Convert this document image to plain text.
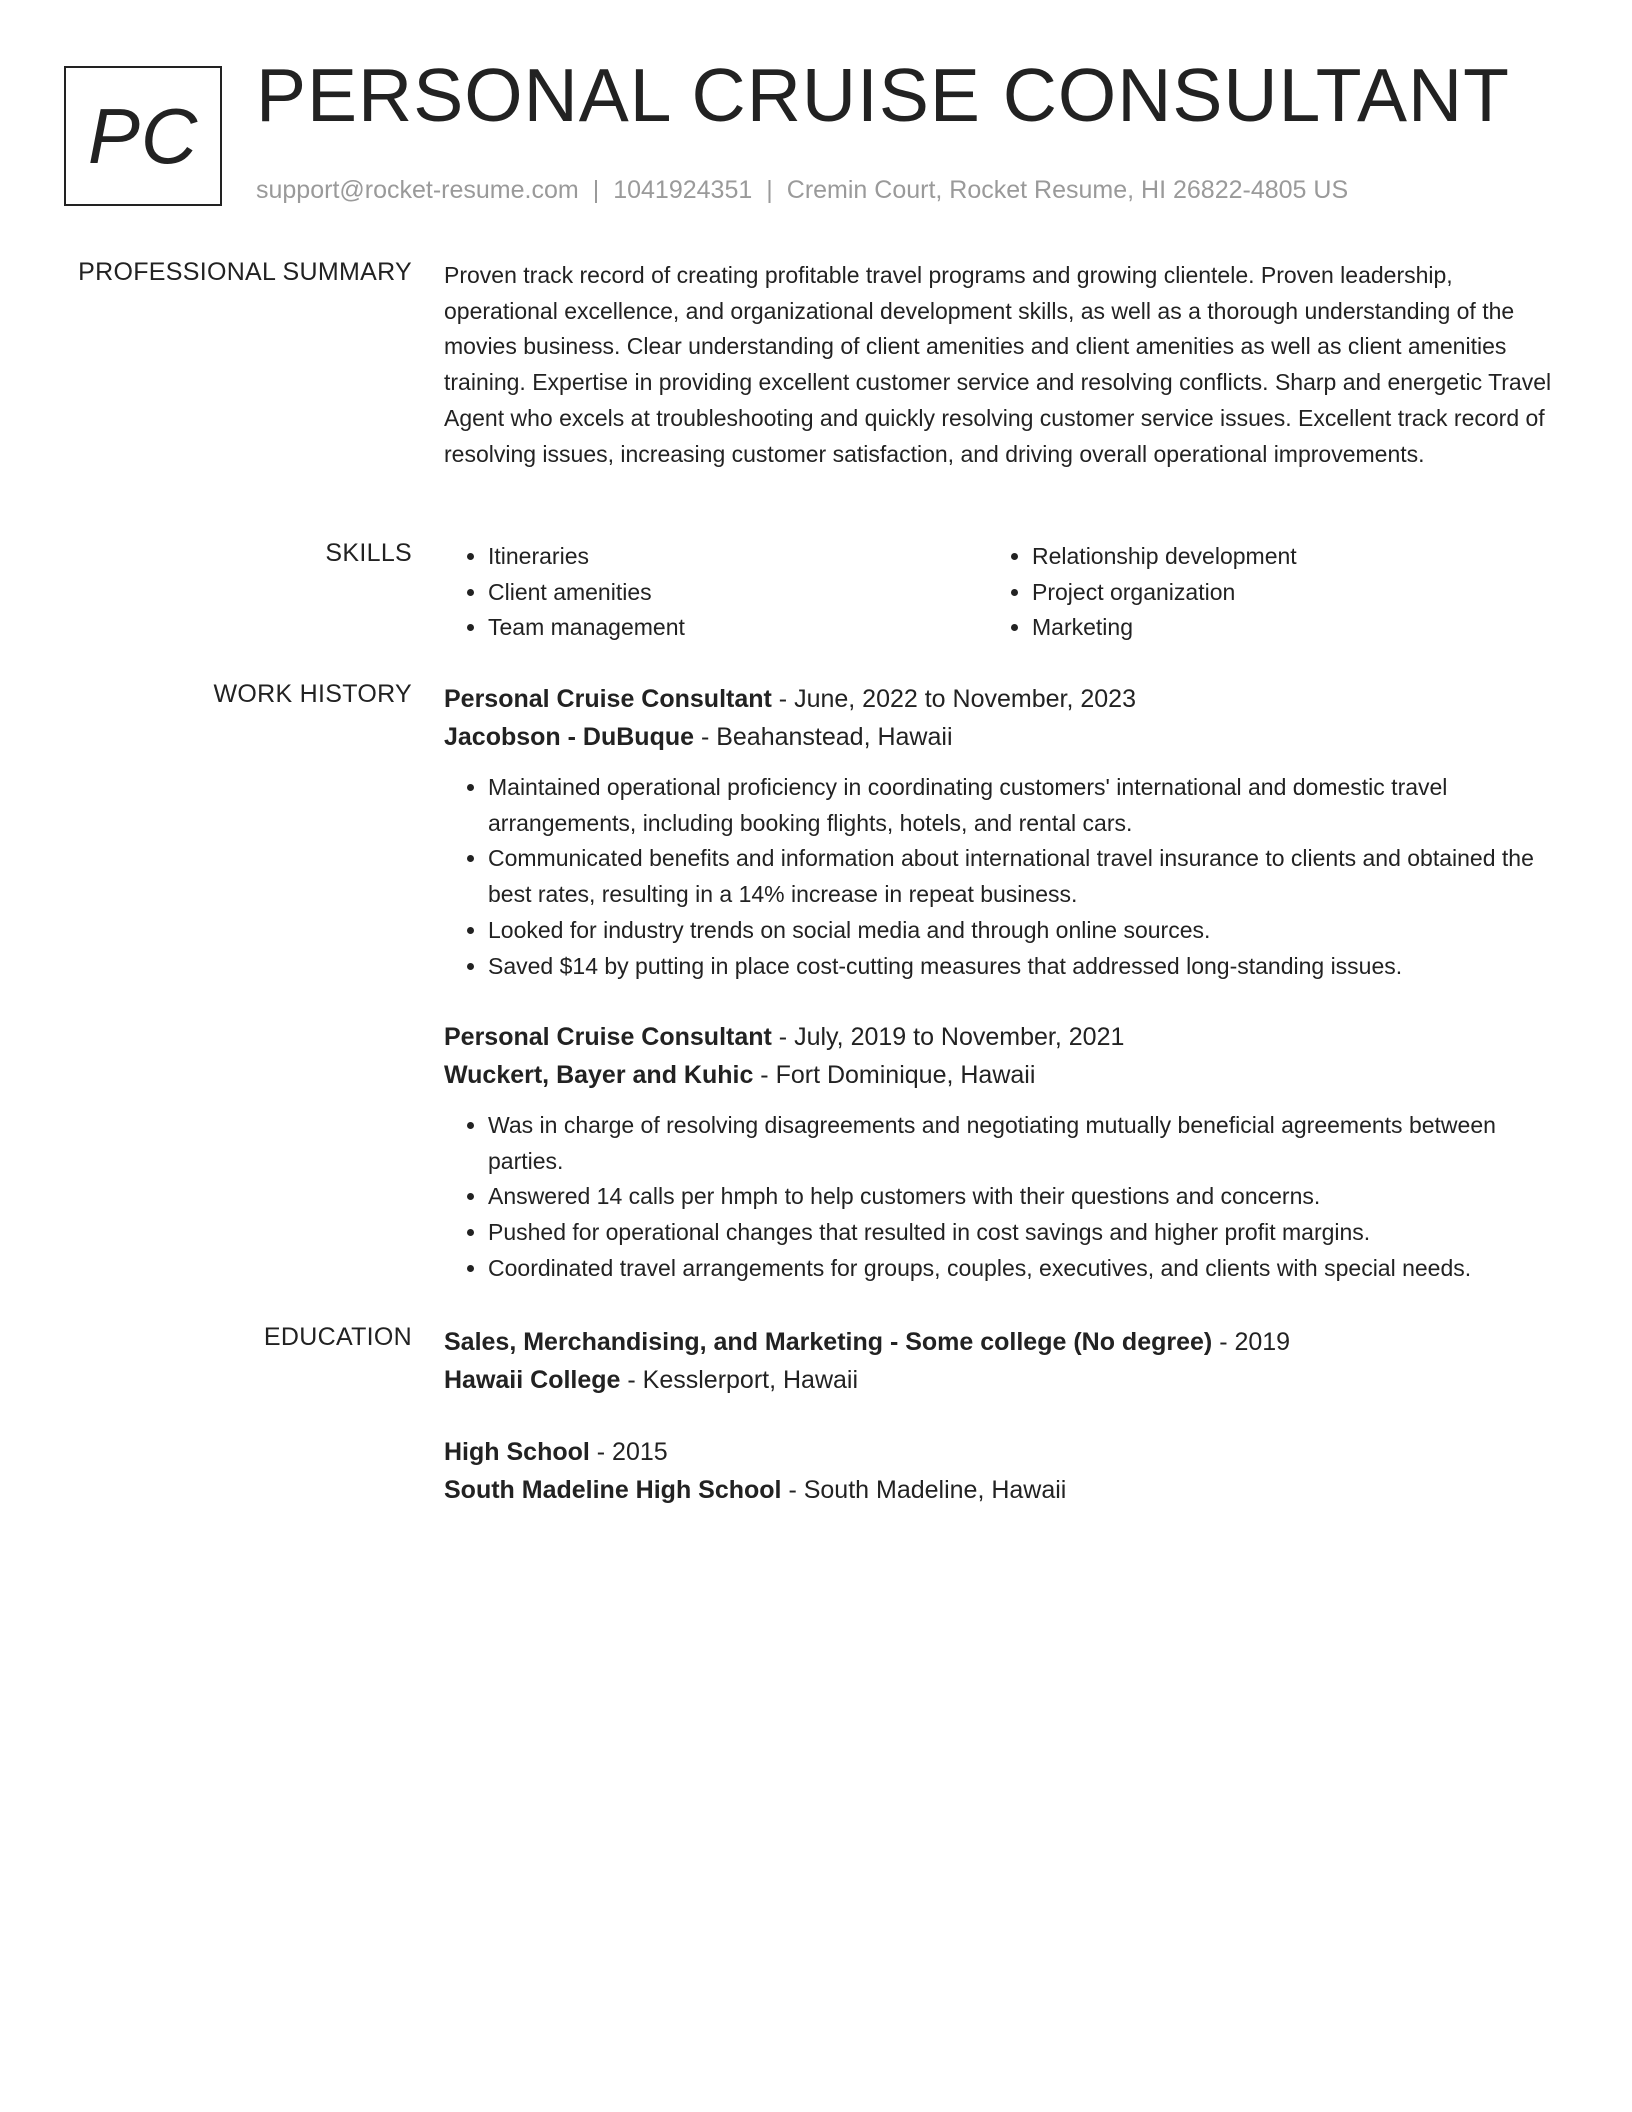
PC PERSONAL CRUISE CONSULTANT
support@rocket-resume.com | 1041924351 | Cremin Court, Rocket Resume, HI 26822-4805 US
PROFESSIONAL SUMMARY Proven track record of creating profitable travel programs and growing clientele. Proven leadership, operational excellence, and organizational development skills, as well as a thorough understanding of the movies business. Clear understanding of client amenities and client amenities as well as client amenities training. Expertise in providing excellent customer service and resolving conflicts. Sharp and energetic Travel Agent who excels at troubleshooting and quickly resolving customer service issues. Excellent track record of resolving issues, increasing customer satisfaction, and driving overall operational improvements.

SKILLS
•	Itineraries
• Client amenities
• Team management
• Relationship development
• Project organization
• Marketing
WORK HISTORY Personal Cruise Consultant - June, 2022 to November, 2023
Jacobson - DuBuque - Beahanstead, Hawaii
• Maintained operational proficiency in coordinating customers' international and domestic travel arrangements, including booking flights, hotels, and rental cars.
• Communicated benefits and information about international travel insurance to clients and obtained the best rates, resulting in a 14% increase in repeat business.
• Looked for industry trends on social media and through online sources.
• Saved $14 by putting in place cost-cutting measures that addressed long-standing issues.
Personal Cruise Consultant - July, 2019 to November, 2021
Wuckert, Bayer and Kuhic - Fort Dominique, Hawaii
• Was in charge of resolving disagreements and negotiating mutually beneficial agreements between parties.
• Answered 14 calls per hmph to help customers with their questions and concerns.
• Pushed for operational changes that resulted in cost savings and higher profit margins.
• Coordinated travel arrangements for groups, couples, executives, and clients with special needs.
EDUCATION Sales, Merchandising, and Marketing - Some college (No degree) - 2019
Hawaii College - Kesslerport, Hawaii
High School - 2015
South Madeline High School - South Madeline, Hawaii
